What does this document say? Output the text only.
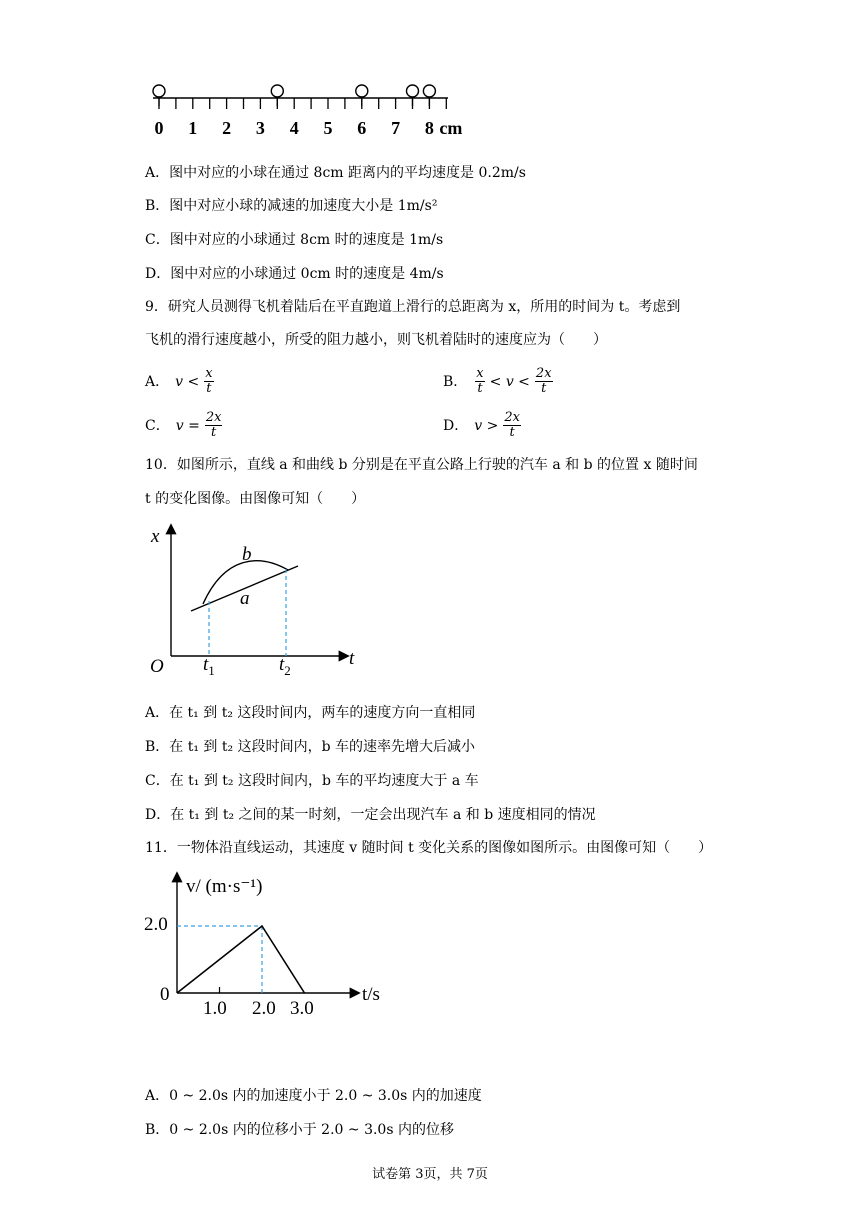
0 1 2 3 4 5 6 7 8 cm
A．图中对应的小球在通过 8cm 距离内的平均速度是 0.2m/s
B．图中对应小球的减速的加速度大小是 1m/s²
C．图中对应的小球通过 8cm 时的速度是 1m/s
D．图中对应的小球通过 0cm 时的速度是 4m/s
9．研究人员测得飞机着陆后在平直跑道上滑行的总距离为 x，所用的时间为 t。考虑到
飞机的滑行速度越小，所受的阻力越小，则飞机着陆时的速度应为（　　）
A． $v < \frac{x}{t}$	B． $\frac{x}{t} < v < \frac{2x}{t}$
C． $v = \frac{2x}{t}$	D． $v > \frac{2x}{t}$
10．如图所示，直线 a 和曲线 b 分别是在平直公路上行驶的汽车 a 和 b 的位置 x 随时间
t 的变化图像。由图像可知（　　）
x
t
O
b
a
$t_1$	$t_2$
A．在 t₁ 到 t₂ 这段时间内，两车的速度方向一直相同
B．在 t₁ 到 t₂ 这段时间内，b 车的速率先增大后减小
C．在 t₁ 到 t₂ 这段时间内，b 车的平均速度大于 a 车
D．在 t₁ 到 t₂ 之间的某一时刻，一定会出现汽车 a 和 b 速度相同的情况
11．一物体沿直线运动，其速度 v 随时间 t 变化关系的图像如图所示。由图像可知（　　）
v/ (m·s⁻¹)
t/s
2.0
0
1.0 2.0 3.0
A．0 ~ 2.0s 内的加速度小于 2.0 ~ 3.0s 内的加速度
B．0 ~ 2.0s 内的位移小于 2.0 ~ 3.0s 内的位移
试卷第 3页，共 7页
